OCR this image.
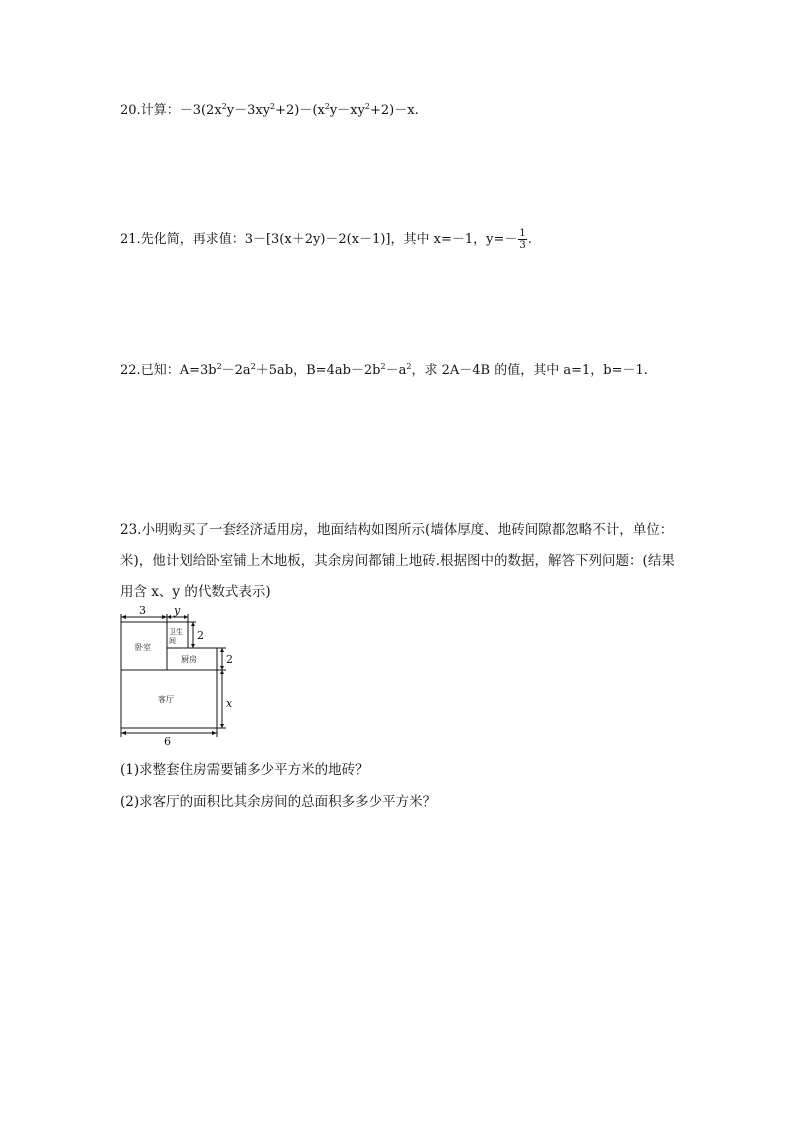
20.计算：$-3(2x^2y-3xy^2+2)-(x^2y-xy^2+2)-x$.
21.先化简，再求值：3－[3(x＋2y)－2(x－1)]，其中 x=－1，$y=- \frac{1}{3}$ .
22.已知：$A=3b^2-2a^2+5ab$，$B=4ab-2b^2-a^2$，求 2A－4B 的值，其中 a=1，b=－1.
23.小明购买了一套经济适用房，地面结构如图所示(墙体厚度、地砖间隙都忽略不计，单位：
米)，他计划给卧室铺上木地板，其余房间都铺上地砖.根据图中的数据，解答下列问题：(结果
用含 x、y 的代数式表示)
3	y
2
2
x
6
卧室
卫生
间
厨房
客厅
(1)求整套住房需要铺多少平方米的地砖？
(2)求客厅的面积比其余房间的总面积多多少平方米？
